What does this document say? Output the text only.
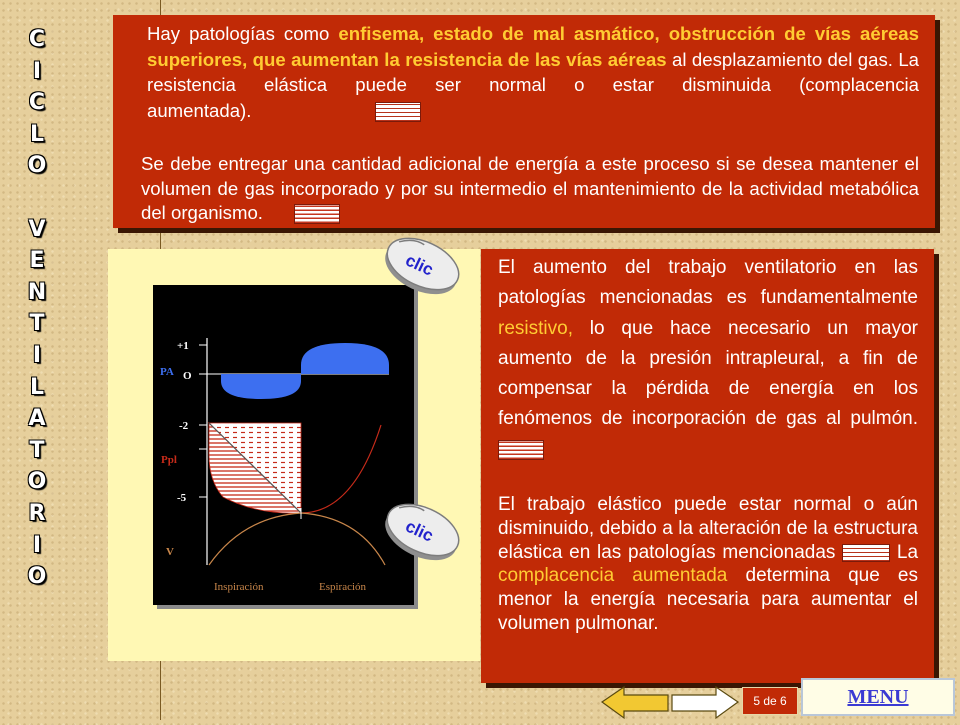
C
I
C
L
O
V
E
N
T
I
L
A
T
O
R
I
O

Hay patologías como enfisema, estado de mal asmático, obstrucción de vías aéreas superiores, que aumentan la resistencia de las vías aéreas al desplazamiento del gas. La resistencia elástica puede ser normal o estar disminuida (complacencia aumentada).

Se debe entregar una cantidad adicional de energía a este proceso si se desea mantener el volumen de gas incorporado y por su intermedio el mantenimiento de la actividad metabólica del organismo.

+1
PA O
-2
Ppl
-5
V
Inspiración	Espiración
clic
clic

El aumento del trabajo ventilatorio en las patologías mencionadas es fundamentalmente resistivo, lo que hace necesario un mayor aumento de la presión intrapleural, a fin de compensar la pérdida de energía en los fenómenos de incorporación de gas al pulmón.

El trabajo elástico puede estar normal o aún disminuido, debido a la alteración de la estructura elástica en las patologías mencionadas	La complacencia aumentada determina que es menor la energía necesaria para aumentar el volumen pulmonar.

5 de 6	MENU
